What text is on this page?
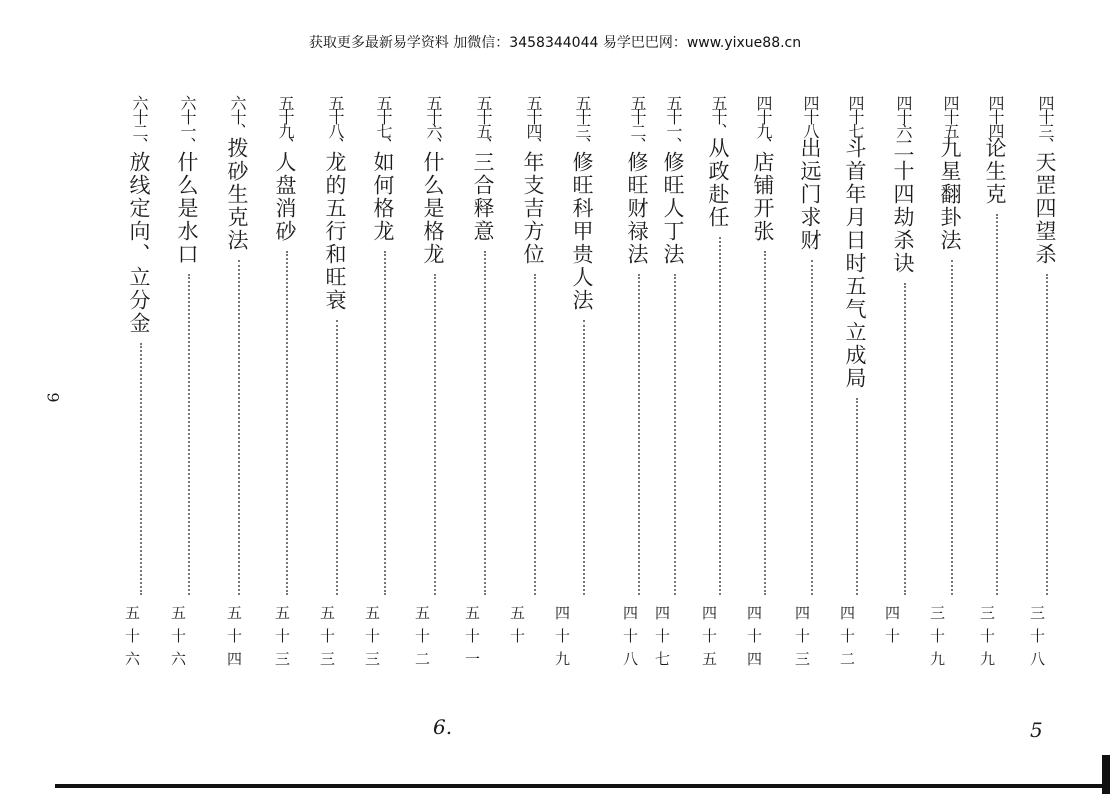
获取更多最新易学资料 加微信：3458344044 易学巴巴网：www.yixue88.cn
四十三、天罡四望杀
三十八
四十四论生克
三十九
四十五九星翻卦法
三十九
四十六二十四劫杀诀
四十
四十七斗首年月日时五气立成局
四十二
四十八出远门求财
四十三
四十九、店铺开张
四十四
五十、从政赴任
四十五
五十一、修旺人丁法
四十七
五十二、修旺财禄法
四十八
五十三、修旺科甲贵人法
四十九
五十四、年支吉方位
五十
五十五、三合释意
五十一
五十六、什么是格龙
五十二
五十七、如何格龙
五十三
五十八、龙的五行和旺衰
五十三
五十九、人盘消砂
五十三
六十、拨砂生克法
五十四
六十一、什么是水口
五十六
六十二、放线定向、立分金
五十六
9
6.	5
